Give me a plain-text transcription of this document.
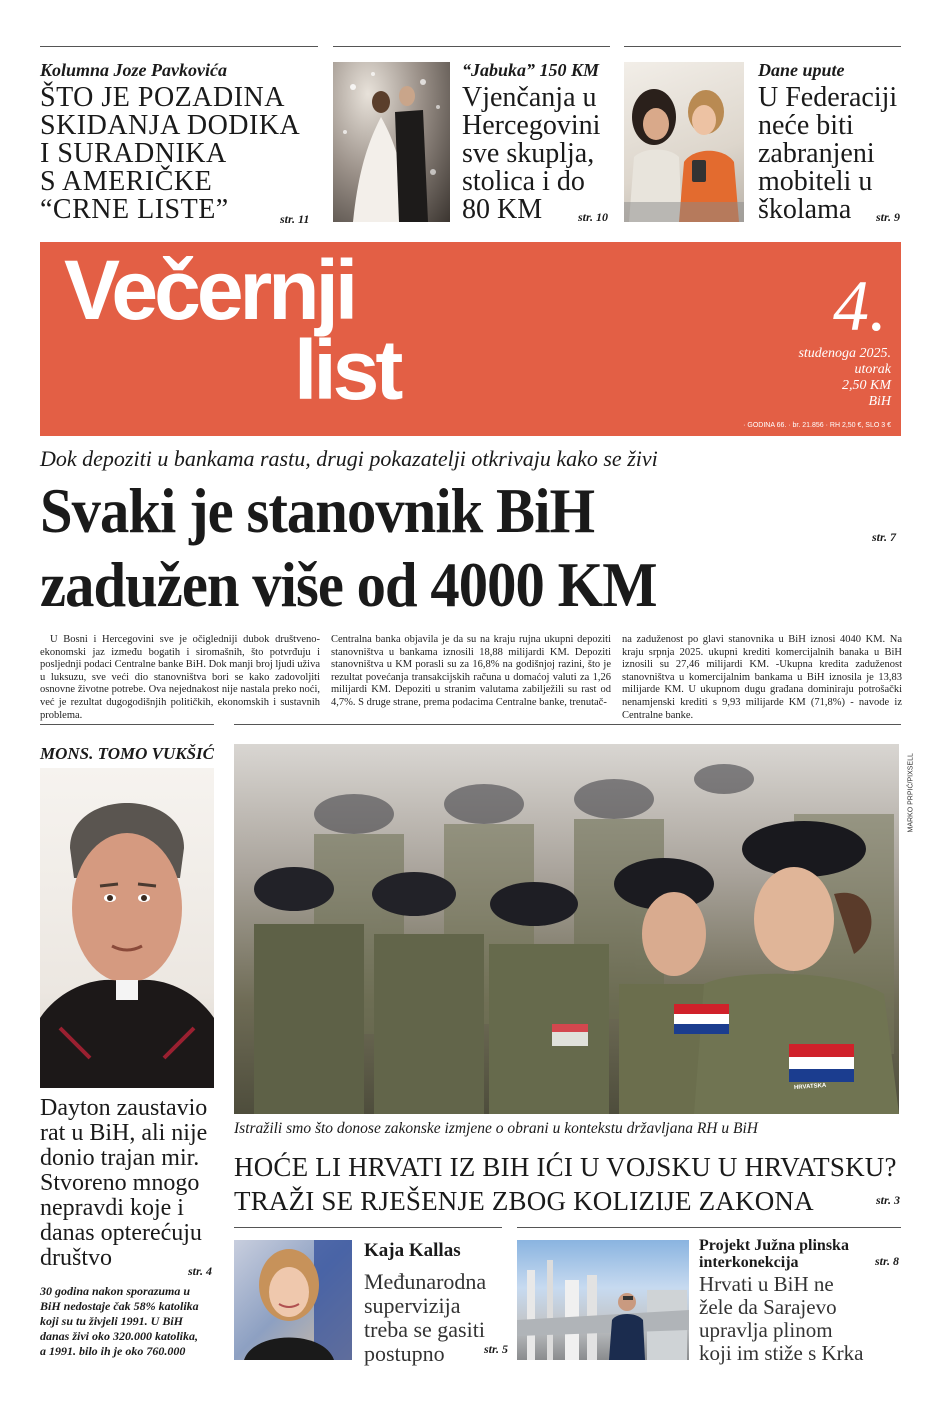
Kolumna Joze Pavkovića
ŠTO JE POZADINA
SKIDANJA DODIKA
I SURADNIKA
S AMERIČKE
“CRNE LISTE”	str. 11
“Jabuka” 150 KM
Vjenčanja u
Hercegovini
sve skuplja,
stolica i do
80 KM	str. 10
Dane upute
U Federaciji
neće biti
zabranjeni
mobiteli u
školama	str. 9
Večernji
list
4.
studenoga 2025.
utorak
2,50 KM
BiH
· GODINA 66. · br. 21.856 · RH 2,50 €, SLO 3 €
Dok depoziti u bankama rastu, drugi pokazatelji otkrivaju kako se živi
Svaki je stanovnik BiH
zadužen više od 4000 KM
str. 7
U Bosni i Hercegovini sve je očigledniji dubok društveno-ekonomski jaz između bogatih i siromašnih, što potvrđuju i posljednji podaci Centralne banke BiH. Dok manji broj ljudi uživa u luksuzu, sve veći dio stanovništva bori se kako zadovoljiti osnovne životne potrebe. Ova nejednakost nije nastala preko noći, već je rezultat dugogodišnjih političkih, ekonomskih i sustavnih problema.
Centralna banka objavila je da su na kraju rujna ukupni depoziti stanovništva u bankama iznosili 18,88 milijardi KM. Depoziti stanovništva u KM porasli su za 16,8% na godišnjoj razini, što je rezultat povećanja transakcijskih računa u domaćoj valuti za 1,26 milijardi KM. Depoziti u stranim valutama zabilježili su rast od 4,7%. S druge strane, prema podacima Centralne banke, trenutač-
na zaduženost po glavi stanovnika u BiH iznosi 4040 KM. Na kraju srpnja 2025. ukupni krediti komercijalnih banaka u BiH iznosili su 27,46 milijardi KM. -Ukupna kredita zaduženost stanovništva u komercijalnim bankama u BiH iznosila je 13,83 milijarde KM. U ukupnom dugu građana dominiraju potrošački nenamjenski krediti s 9,93 milijarde KM (71,8%) - navode iz Centralne banke.
MONS. TOMO VUKŠIĆ
Dayton zaustavio
rat u BiH, ali nije
donio trajan mir.
Stvoreno mnogo
nepravdi koje i
danas opterećuju
društvo	str. 4
30 godina nakon sporazuma u
BiH nedostaje čak 58% katolika
koji su tu živjeli 1991. U BiH
danas živi oko 320.000 katolika,
a 1991. bilo ih je oko 760.000
HRVATSKA
MARKO PRPIĆ/PIXSELL
Istražili smo što donose zakonske izmjene o obrani u kontekstu državljana RH u BiH
HOĆE LI HRVATI IZ BIH IĆI U VOJSKU U HRVATSKU?
TRAŽI SE RJEŠENJE ZBOG KOLIZIJE ZAKONA	str. 3
Kaja Kallas
Međunarodna
supervizija
treba se gasiti
postupno	str. 5
Projekt Južna plinska
interkonekcija
Hrvati u BiH ne
žele da Sarajevo
upravlja plinom
koji im stiže s Krka
str. 8
